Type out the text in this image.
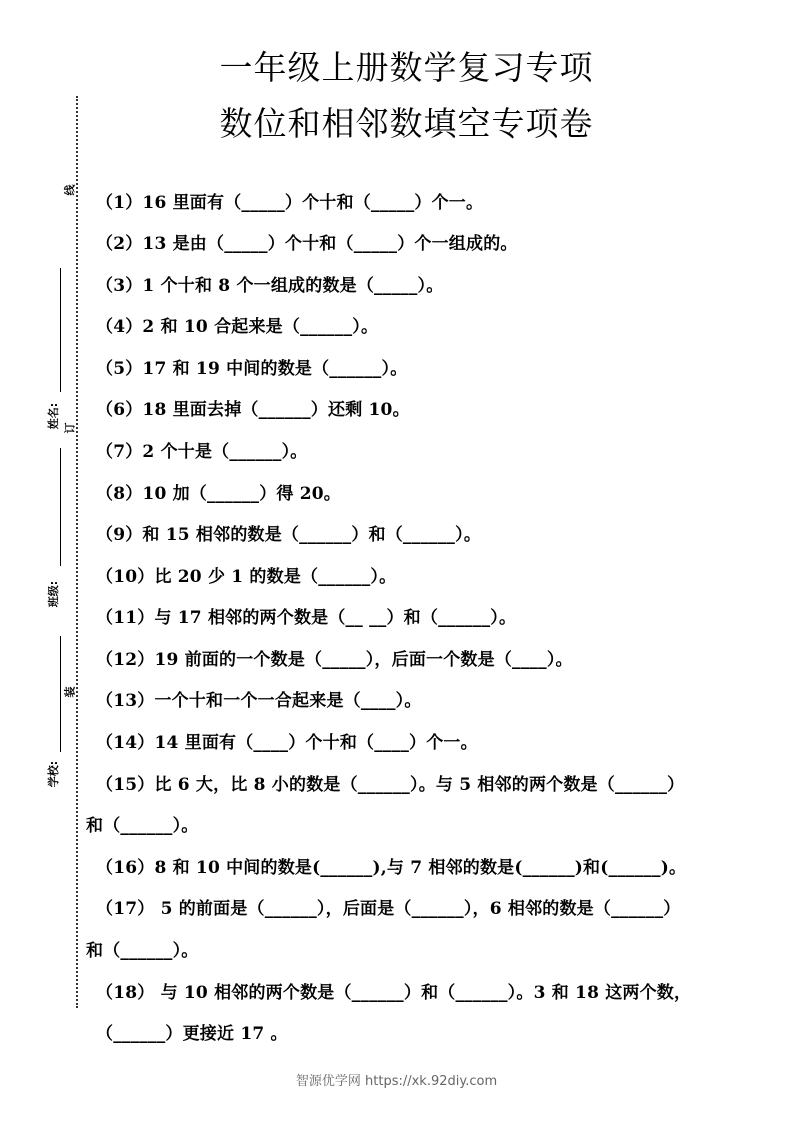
一年级上册数学复习专项
数位和相邻数填空专项卷
线
订
装
姓名:
班级:
学校:
（1）16 里面有（_____）个十和（_____）个一。
（2）13 是由（_____）个十和（_____）个一组成的。
（3）1 个十和 8 个一组成的数是（_____）。
（4）2 和 10 合起来是（______）。
（5）17 和 19 中间的数是（______）。
（6）18 里面去掉（______）还剩 10。
（7）2 个十是（______）。
（8）10 加（______）得 20。
（9）和 15 相邻的数是（______）和（______）。
（10）比 20 少 1 的数是（______）。
（11）与 17 相邻的两个数是（__ __）和（______）。
（12）19 前面的一个数是（_____），后面一个数是（____）。
（13）一个十和一个一合起来是（____）。
（14）14 里面有（____）个十和（____）个一。
（15）比 6 大，比 8 小的数是（______）。与 5 相邻的两个数是（______）
和（______）。
（16）8 和 10 中间的数是(______),与 7 相邻的数是(______)和(______)。
（17） 5 的前面是（______），后面是（______），6 相邻的数是（______）
和（______）。
（18） 与 10 相邻的两个数是（______）和（______）。3 和 18 这两个数，
（______）更接近 17 。
智源优学网 https://xk.92diy.com
